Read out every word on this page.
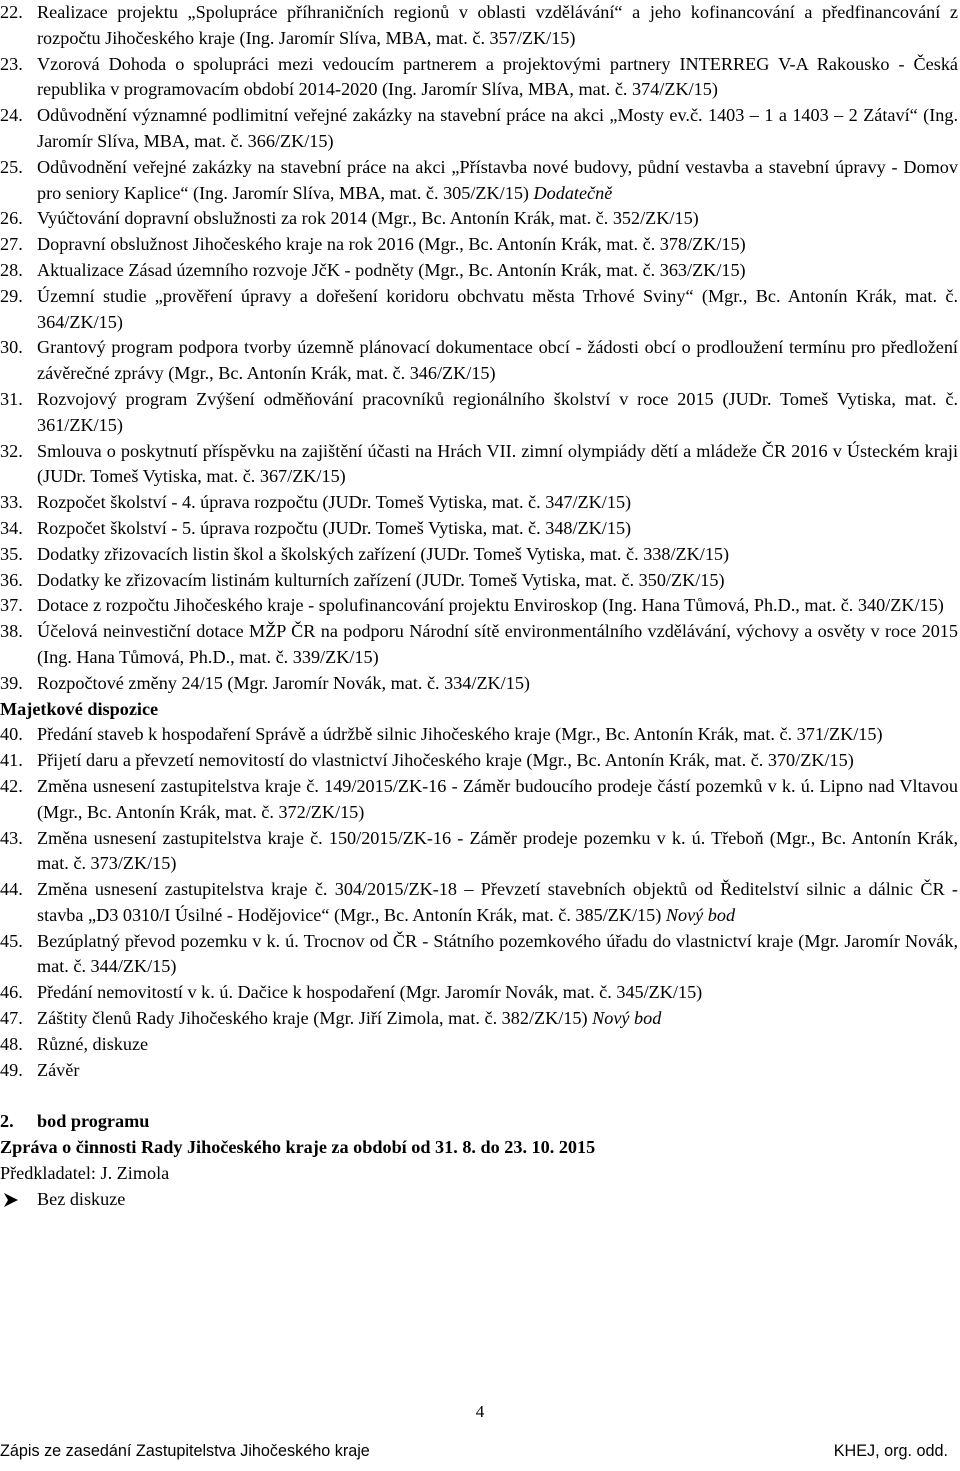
22. Realizace projektu „Spolupráce příhraničních regionů v oblasti vzdělávání“ a jeho kofinancování a předfinancování z rozpočtu Jihočeského kraje (Ing. Jaromír Slíva, MBA, mat. č. 357/ZK/15)
23. Vzorová Dohoda o spolupráci mezi vedoucím partnerem a projektovými partnery INTERREG V-A Rakousko - Česká republika v programovacím období 2014-2020 (Ing. Jaromír Slíva, MBA, mat. č. 374/ZK/15)
24. Odůvodnění významné podlimitní veřejné zakázky na stavební práce na akci „Mosty ev.č. 1403 – 1 a 1403 – 2 Zátaví“ (Ing. Jaromír Slíva, MBA, mat. č. 366/ZK/15)
25. Odůvodnění veřejné zakázky na stavební práce na akci „Přístavba nové budovy, půdní vestavba a stavební úpravy - Domov pro seniory Kaplice“ (Ing. Jaromír Slíva, MBA, mat. č. 305/ZK/15) Dodatečně
26. Vyúčtování dopravní obslužnosti za rok 2014 (Mgr., Bc. Antonín Krák, mat. č. 352/ZK/15)
27. Dopravní obslužnost Jihočeského kraje na rok 2016 (Mgr., Bc. Antonín Krák, mat. č. 378/ZK/15)
28. Aktualizace Zásad územního rozvoje JčK - podněty (Mgr., Bc. Antonín Krák, mat. č. 363/ZK/15)
29. Územní studie „prověření úpravy a dořešení koridoru obchvatu města Trhové Sviny“ (Mgr., Bc. Antonín Krák, mat. č. 364/ZK/15)
30. Grantový program podpora tvorby územně plánovací dokumentace obcí - žádosti obcí o prodloužení termínu pro předložení závěrečné zprávy (Mgr., Bc. Antonín Krák, mat. č. 346/ZK/15)
31. Rozvojový program Zvýšení odměňování pracovníků regionálního školství v roce 2015 (JUDr. Tomeš Vytiska, mat. č. 361/ZK/15)
32. Smlouva o poskytnutí příspěvku na zajištění účasti na Hrách VII. zimní olympiády dětí a mládeže ČR 2016 v Ústeckém kraji (JUDr. Tomeš Vytiska, mat. č. 367/ZK/15)
33. Rozpočet školství - 4. úprava rozpočtu (JUDr. Tomeš Vytiska, mat. č. 347/ZK/15)
34. Rozpočet školství - 5. úprava rozpočtu (JUDr. Tomeš Vytiska, mat. č. 348/ZK/15)
35. Dodatky zřizovacích listin škol a školských zařízení (JUDr. Tomeš Vytiska, mat. č. 338/ZK/15)
36. Dodatky ke zřizovacím listinám kulturních zařízení (JUDr. Tomeš Vytiska, mat. č. 350/ZK/15)
37. Dotace z rozpočtu Jihočeského kraje - spolufinancování projektu Enviroskop (Ing. Hana Tůmová, Ph.D., mat. č. 340/ZK/15)
38. Účelová neinvestiční dotace MŽP ČR na podporu Národní sítě environmentálního vzdělávání, výchovy a osvěty v roce 2015 (Ing. Hana Tůmová, Ph.D., mat. č. 339/ZK/15)
39. Rozpočtové změny 24/15 (Mgr. Jaromír Novák, mat. č. 334/ZK/15)
Majetkové dispozice
40. Předání staveb k hospodaření Správě a údržbě silnic Jihočeského kraje (Mgr., Bc. Antonín Krák, mat. č. 371/ZK/15)
41. Přijetí daru a převzetí nemovitostí do vlastnictví Jihočeského kraje (Mgr., Bc. Antonín Krák, mat. č. 370/ZK/15)
42. Změna usnesení zastupitelstva kraje č. 149/2015/ZK-16 - Záměr budoucího prodeje částí pozemků v k. ú. Lipno nad Vltavou (Mgr., Bc. Antonín Krák, mat. č. 372/ZK/15)
43. Změna usnesení zastupitelstva kraje č. 150/2015/ZK-16 - Záměr prodeje pozemku v k. ú. Třeboň (Mgr., Bc. Antonín Krák, mat. č. 373/ZK/15)
44. Změna usnesení zastupitelstva kraje č. 304/2015/ZK-18 – Převzetí stavebních objektů od Ředitelství silnic a dálnic ČR - stavba „D3 0310/I Úsilné - Hodějovice“ (Mgr., Bc. Antonín Krák, mat. č. 385/ZK/15) Nový bod
45. Bezúplatný převod pozemku v k. ú. Trocnov od ČR - Státního pozemkového úřadu do vlastnictví kraje (Mgr. Jaromír Novák, mat. č. 344/ZK/15)
46. Předání nemovitostí v k. ú. Dačice k hospodaření (Mgr. Jaromír Novák, mat. č. 345/ZK/15)
47. Záštity členů Rady Jihočeského kraje (Mgr. Jiří Zimola, mat. č. 382/ZK/15) Nový bod
48. Různé, diskuze
49. Závěr
2. bod programu
Zpráva o činnosti Rady Jihočeského kraje za období od 31. 8. do 23. 10. 2015
Předkladatel: J. Zimola
Bez diskuze
4
Zápis ze zasedání Zastupitelstva Jihočeského kraje	KHEJ, org. odd.
